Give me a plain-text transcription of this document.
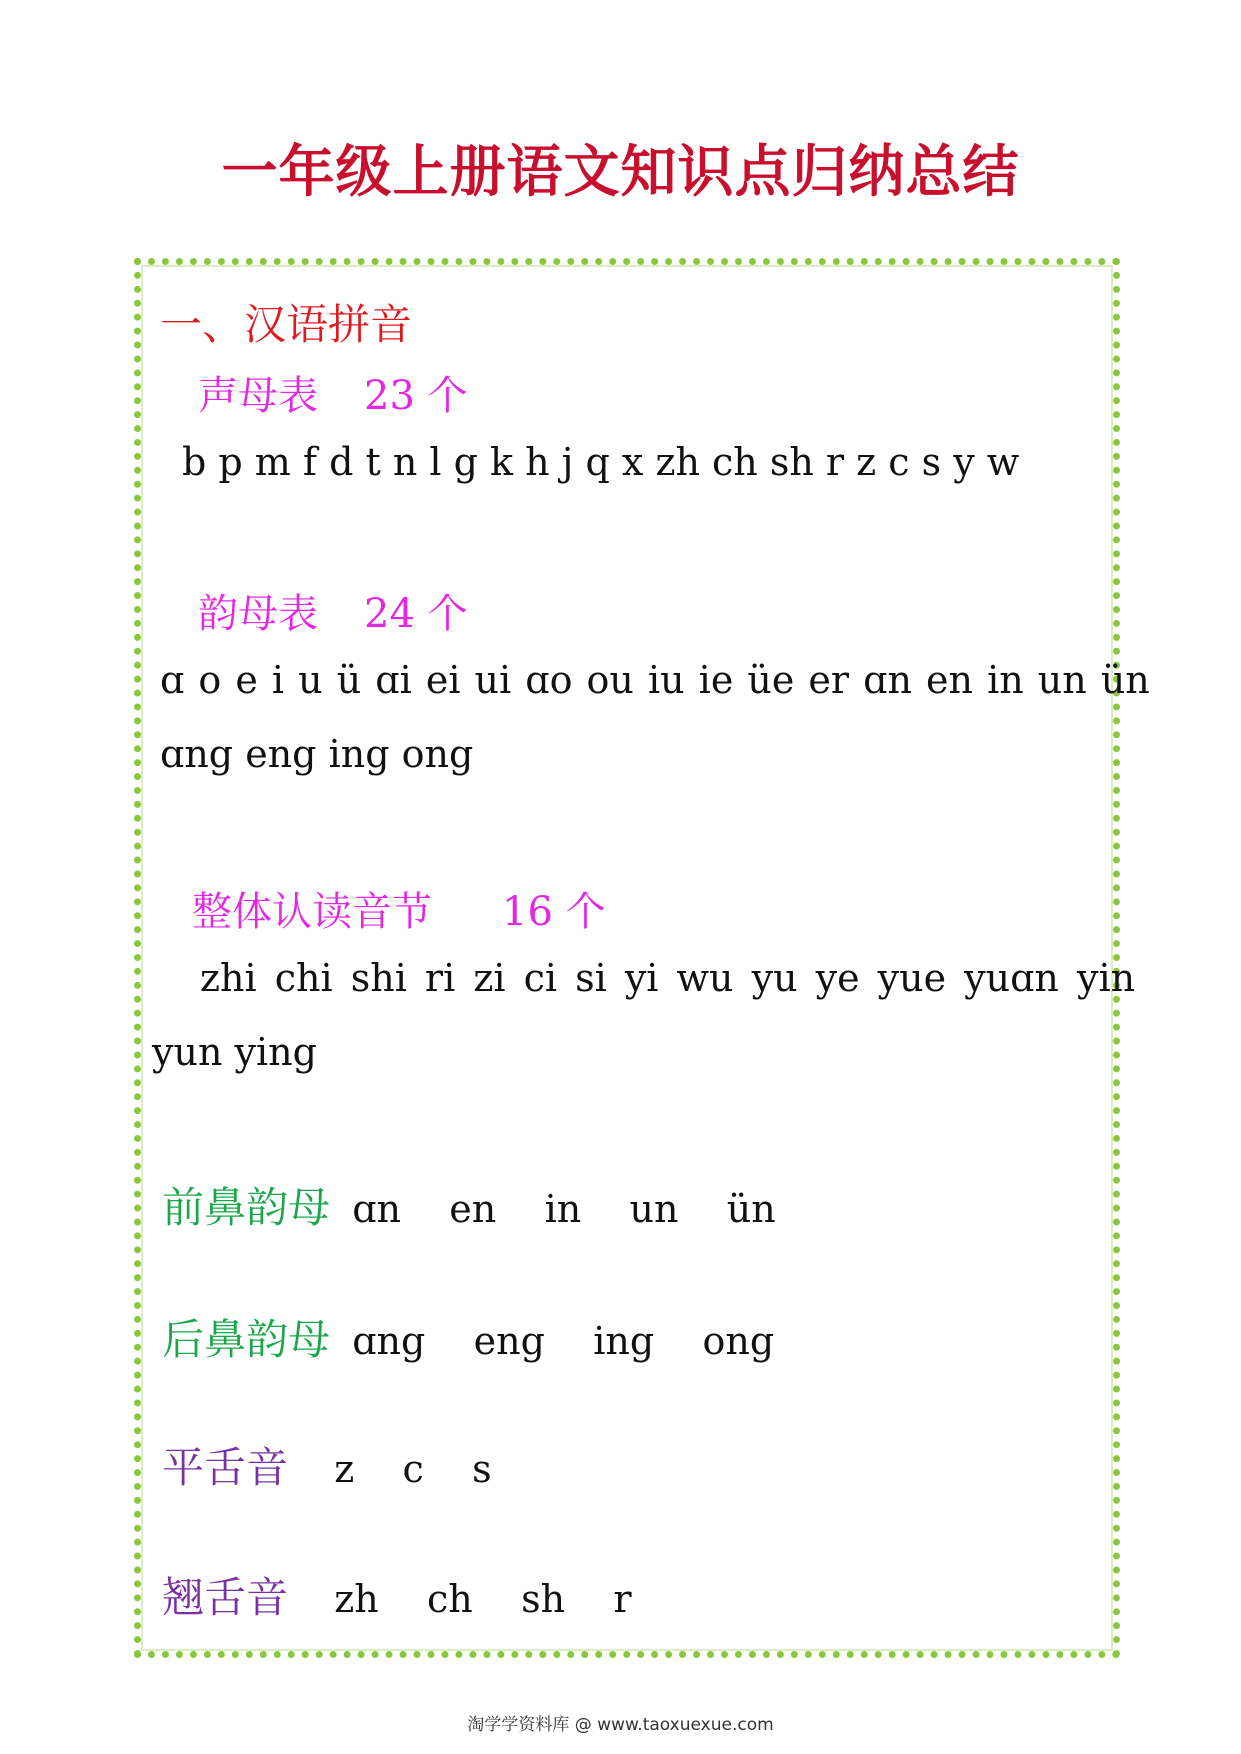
一年级上册语文知识点归纳总结
一、汉语拼音
声母表 23 个
b p m f d t n l g k h j q x zh ch sh r z c s y w
韵母表 24 个
ɑ o e i u ü ɑi ei ui ɑo ou iu ie üe er ɑn en in un ün
ɑng eng ing ong
整体认读音节 16 个
zhi chi shi ri zi ci si yi wu yu ye yue yuɑn yin
yun ying

前鼻韵母 ɑn    en    in    un    ün

后鼻韵母 ɑng    eng    ing    ong

平舌音 z    c    s

翘舌音 zh    ch    sh    r

淘学学资料库 @ www.taoxuexue.com
